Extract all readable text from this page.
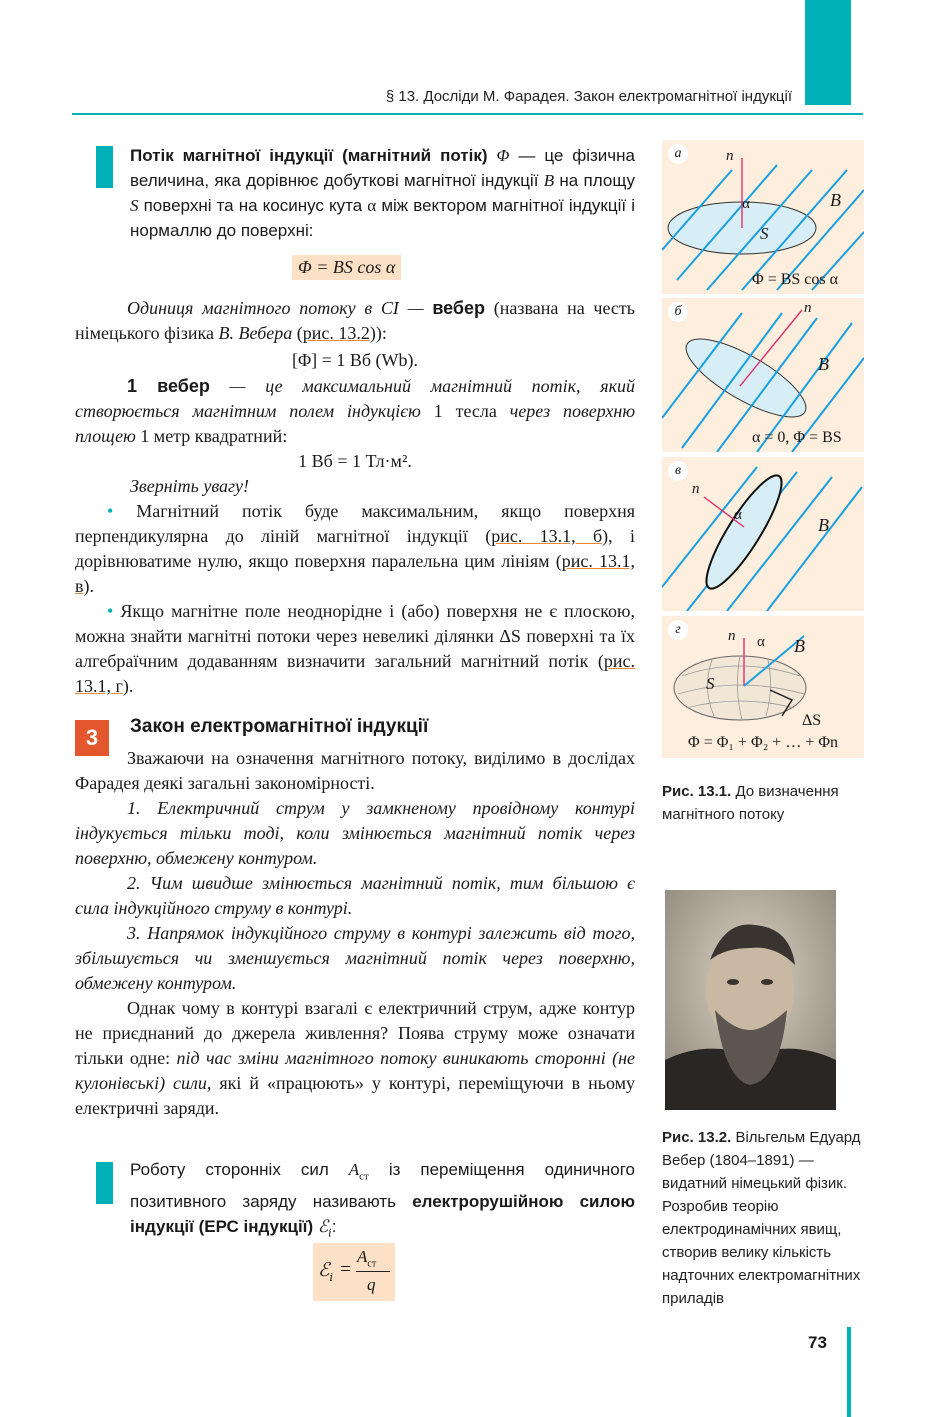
§ 13. Досліди М. Фарадея. Закон електромагнітної індукції
Потік магнітної індукції (магнітний потік) Φ — це фізична величина, яка дорівнює добуткові магнітної індукції B на площу S поверхні та на косинус кута α між вектором магнітної індукції і нормаллю до поверхні:
Φ = BS cos α
Одиниця магнітного потоку в СІ — вебер (названа на честь німецького фізика В. Вебера (рис. 13.2)):
[Φ] = 1 Вб (Wb).
1 вебер — це максимальний магнітний потік, який створюється магнітним полем індукцією 1 тесла через поверхню площею 1 метр квадратний:
1 Вб = 1 Тл·м².
Зверніть увагу!
• Магнітний потік буде максимальним, якщо поверхня перпендикулярна до ліній магнітної індукції (рис. 13.1, б), і дорівнюватиме нулю, якщо поверхня паралельна цим лініям (рис. 13.1, в).
• Якщо магнітне поле неоднорідне і (або) поверхня не є плоскою, можна знайти магнітні потоки через невеликі ділянки ΔS поверхні та їх алгебраїчним додаванням визначити загальний магнітний потік (рис. 13.1, г).
3	Закон електромагнітної індукції
Зважаючи на означення магнітного потоку, виділимо в дослідах Фарадея деякі загальні закономірності.
1. Електричний струм у замкненому провідному контурі індукується тільки тоді, коли змінюється магнітний потік через поверхню, обмежену контуром.
2. Чим швидше змінюється магнітний потік, тим більшою є сила індукційного струму в контурі.
3. Напрямок індукційного струму в контурі залежить від того, збільшується чи зменшується магнітний потік через поверхню, обмежену контуром.
Однак чому в контурі взагалі є електричний струм, адже контур не приєднаний до джерела живлення? Поява струму може означати тільки одне: під час зміни магнітного потоку виникають сторонні (не кулонівські) сили, які й «працюють» у контурі, переміщуючи в ньому електричні заряди.
Роботу сторонніх сил $A_{ст}$ із переміщення одиничного позитивного заряду називають електрорушійною силою індукції (ЕРС індукції) ℰ$_i$:
ℰ$_i$ =
$A_{ст}$
q
а	n
α
S
B
Φ = BS cos α
б	n
B
α = 0, Φ = BS
в
n
α	B
г	n α B
S
ΔS
Φ = Φ₁ + Φ₂ + … + Φn
Рис. 13.1. До визначення магнітного потоку
Рис. 13.2. Вільгельм Едуард Вебер (1804–1891) — видатний німецький фізик. Розробив теорію електродинамічних явищ, створив велику кількість надточних електромагнітних приладів
73
